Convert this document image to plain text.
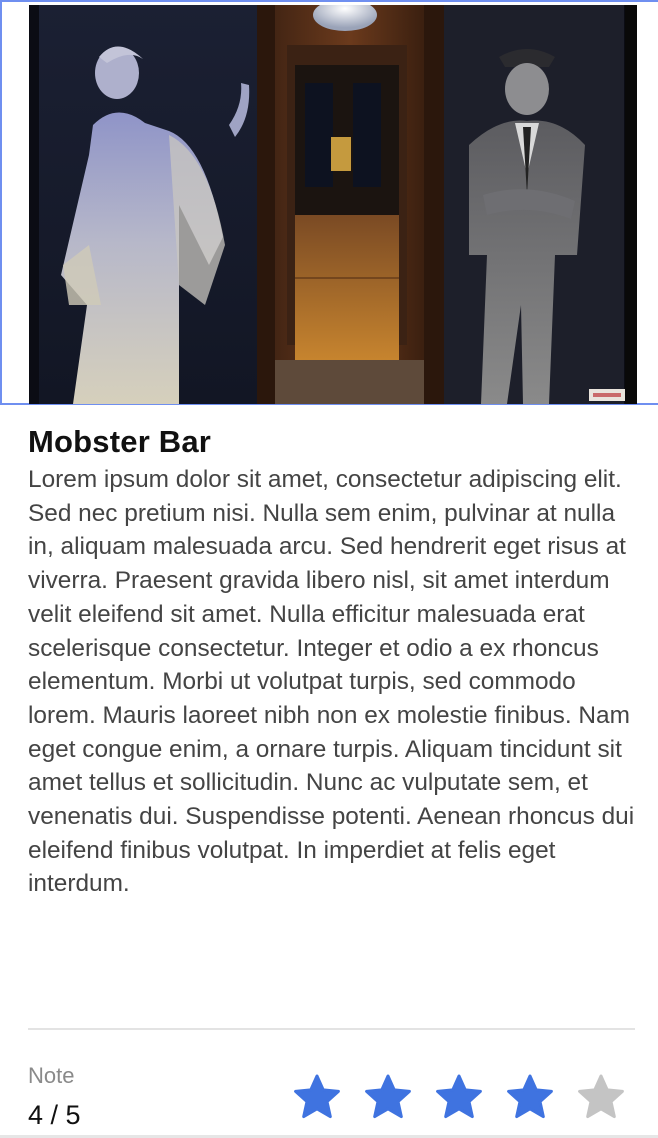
Mobster Bar
Lorem ipsum dolor sit amet, consectetur adipiscing elit. Sed nec pretium nisi. Nulla sem enim, pulvinar at nulla in, aliquam malesuada arcu. Sed hendrerit eget risus at viverra. Praesent gravida libero nisl, sit amet interdum velit eleifend sit amet. Nulla efficitur malesuada erat scelerisque consectetur. Integer et odio a ex rhoncus elementum. Morbi ut volutpat turpis, sed commodo lorem. Mauris laoreet nibh non ex molestie finibus. Nam eget congue enim, a ornare turpis. Aliquam tincidunt sit amet tellus et sollicitudin. Nunc ac vulputate sem, et venenatis dui. Suspendisse potenti. Aenean rhoncus dui eleifend finibus volutpat. In imperdiet at felis eget interdum.
Note
4 / 5
